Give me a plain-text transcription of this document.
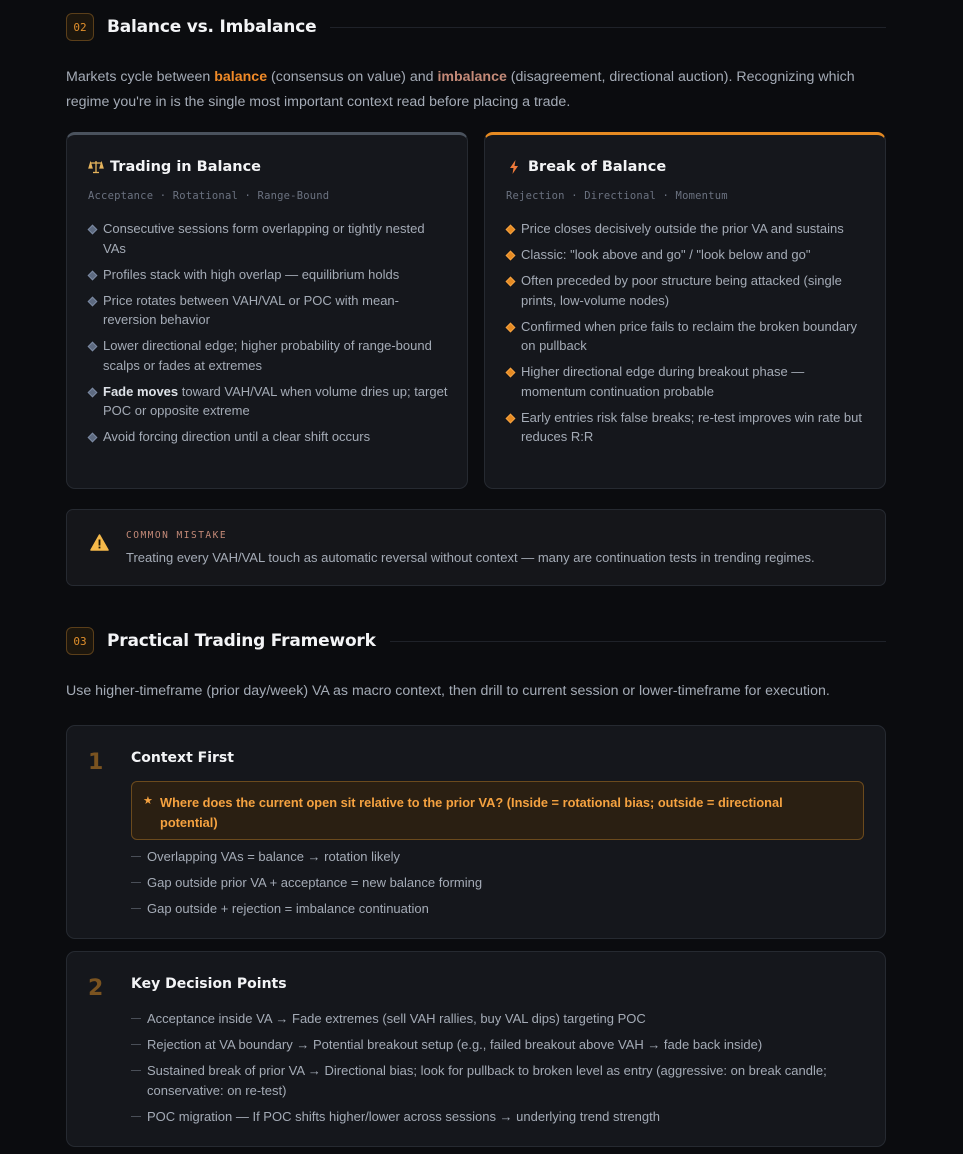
02	Balance vs. Imbalance

Markets cycle between balance (consensus on value) and imbalance (disagreement, directional auction). Recognizing which regime you're in is the single most important context read before placing a trade.

Trading in Balance
Acceptance · Rotational · Range-Bound
Consecutive sessions form overlapping or tightly nested VAs
Profiles stack with high overlap — equilibrium holds
Price rotates between VAH/VAL or POC with mean-reversion behavior
Lower directional edge; higher probability of range-bound scalps or fades at extremes
Fade moves toward VAH/VAL when volume dries up; target POC or opposite extreme
Avoid forcing direction until a clear shift occurs
Break of Balance
Rejection · Directional · Momentum
Price closes decisively outside the prior VA and sustains
Classic: "look above and go" / "look below and go"
Often preceded by poor structure being attacked (single prints, low-volume nodes)
Confirmed when price fails to reclaim the broken boundary on pullback
Higher directional edge during breakout phase — momentum continuation probable
Early entries risk false breaks; re-test improves win rate but reduces R:R
COMMON MISTAKE
Treating every VAH/VAL touch as automatic reversal without context — many are continuation tests in trending regimes.
03	Practical Trading Framework

Use higher-timeframe (prior day/week) VA as macro context, then drill to current session or lower-timeframe for execution.

1 Context First
★ Where does the current open sit relative to the prior VA? (Inside = rotational bias; outside = directional potential)
Overlapping VAs = balance → rotation likely
Gap outside prior VA + acceptance = new balance forming
Gap outside + rejection = imbalance continuation
2 Key Decision Points
Acceptance inside VA → Fade extremes (sell VAH rallies, buy VAL dips) targeting POC
Rejection at VA boundary → Potential breakout setup (e.g., failed breakout above VAH → fade back inside)
Sustained break of prior VA → Directional bias; look for pullback to broken level as entry (aggressive: on break candle; conservative: on re-test)
POC migration — If POC shifts higher/lower across sessions → underlying trend strength
